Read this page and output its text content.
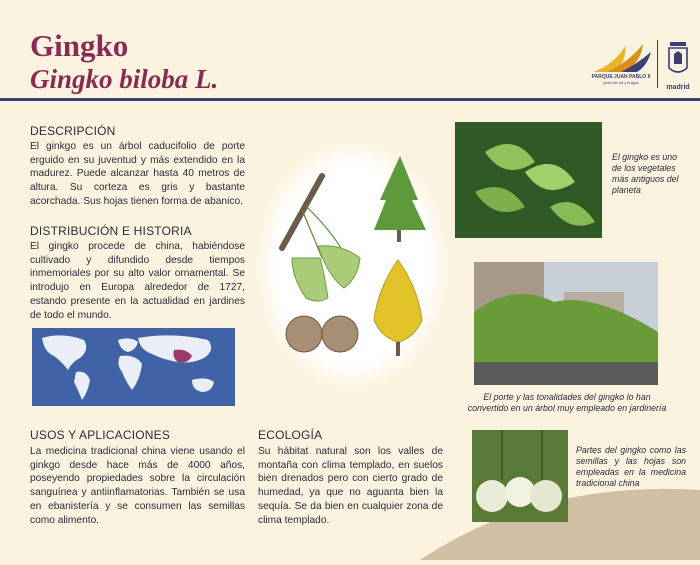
Gingko
Gingko biloba L.	PARQUE JUAN PABLO II
jardín del sol y el agua
madrid
DESCRIPCIÓN

El ginkgo es un árbol caducifolio de porte erguido en su juventud y más extendido en la madurez. Puede alcanzar hasta 40 metros de altura. Su corteza es gris y bastante acorchada. Sus hojas tienen forma de abanico.

DISTRIBUCIÓN E HISTORIA

El gingko procede de china, habiéndose cultivado y difundido desde tiempos inmemoriales por su alto valor ornamental. Se introdujo en Europa alrededor de 1727, estando presente en la actualidad en jardines de todo el mundo.

El gingko es uno de los vegetales más antiguos del planeta

El porte y las tonalidades del gingko lo han convertido en un árbol muy empleado en jardinería

Partes del gingko como las semillas y las hojas son empleadas en la medicina tradicional china

USOS Y APLICACIONES

La medicina tradicional china viene usando el ginkgo desde hace más de 4000 años, poseyendo propiedades sobre la circulación sanguínea y antiinflamatorias. También se usa en ebanistería y se consumen las semillas como alimento.

ECOLOGÍA

Su hábitat natural son los valles de montaña con clima templado, en suelos bien drenados pero con cierto grado de humedad, ya que no aguanta bien la sequía. Se da bien en cualquier zona de clima templado.
